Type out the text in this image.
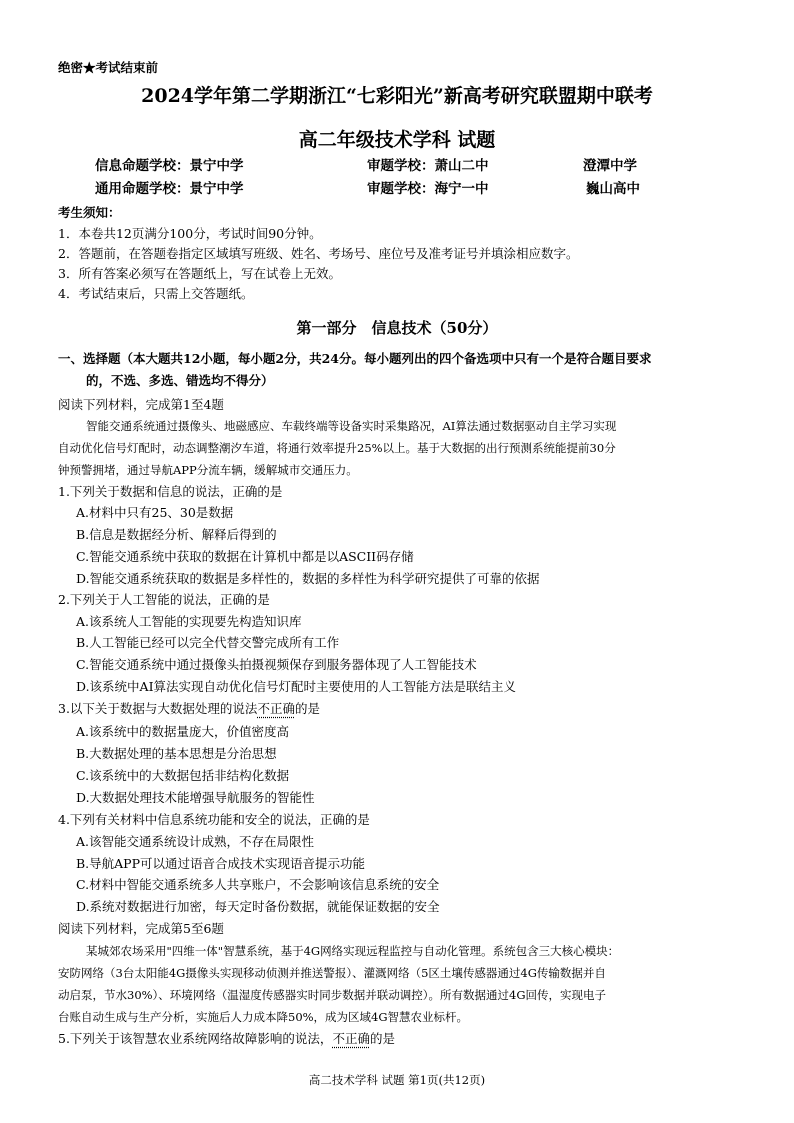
绝密★考试结束前
2024学年第二学期浙江“七彩阳光”新高考研究联盟期中联考
高二年级技术学科 试题
信息命题学校：景宁中学	审题学校：萧山二中	澄潭中学
通用命题学校：景宁中学	审题学校：海宁一中	巍山高中
考生须知：
1．本卷共12页满分100分，考试时间90分钟。
2．答题前，在答题卷指定区域填写班级、姓名、考场号、座位号及准考证号并填涂相应数字。
3．所有答案必须写在答题纸上，写在试卷上无效。
4．考试结束后，只需上交答题纸。
第一部分　信息技术（50分）
一、选择题（本大题共12小题，每小题2分，共24分。每小题列出的四个备选项中只有一个是符合题目要求
的，不选、多选、错选均不得分）
阅读下列材料，完成第1至4题
智能交通系统通过摄像头、地磁感应、车载终端等设备实时采集路况，AI算法通过数据驱动自主学习实现
自动优化信号灯配时，动态调整潮汐车道，将通行效率提升25%以上。基于大数据的出行预测系统能提前30分
钟预警拥堵，通过导航APP分流车辆，缓解城市交通压力。
1.下列关于数据和信息的说法，正确的是
A.材料中只有25、30是数据
B.信息是数据经分析、解释后得到的
C.智能交通系统中获取的数据在计算机中都是以ASCII码存储
D.智能交通系统获取的数据是多样性的，数据的多样性为科学研究提供了可靠的依据
2.下列关于人工智能的说法，正确的是
A.该系统人工智能的实现要先构造知识库
B.人工智能已经可以完全代替交警完成所有工作
C.智能交通系统中通过摄像头拍摄视频保存到服务器体现了人工智能技术
D.该系统中AI算法实现自动优化信号灯配时主要使用的人工智能方法是联结主义
3.以下关于数据与大数据处理的说法不正确的是
A.该系统中的数据量庞大，价值密度高
B.大数据处理的基本思想是分治思想
C.该系统中的大数据包括非结构化数据
D.大数据处理技术能增强导航服务的智能性
4.下列有关材料中信息系统功能和安全的说法，正确的是
A.该智能交通系统设计成熟，不存在局限性
B.导航APP可以通过语音合成技术实现语音提示功能
C.材料中智能交通系统多人共享账户，不会影响该信息系统的安全
D.系统对数据进行加密，每天定时备份数据，就能保证数据的安全
阅读下列材料，完成第5至6题
某城郊农场采用"四维一体"智慧系统，基于4G网络实现远程监控与自动化管理。系统包含三大核心模块：
安防网络（3台太阳能4G摄像头实现移动侦测并推送警报）、灌溉网络（5区土壤传感器通过4G传输数据并自
动启泵，节水30%）、环境网络（温湿度传感器实时同步数据并联动调控）。所有数据通过4G回传，实现电子
台账自动生成与生产分析，实施后人力成本降50%，成为区域4G智慧农业标杆。
5.下列关于该智慧农业系统网络故障影响的说法，不正确的是
高二技术学科 试题 第1页(共12页)
